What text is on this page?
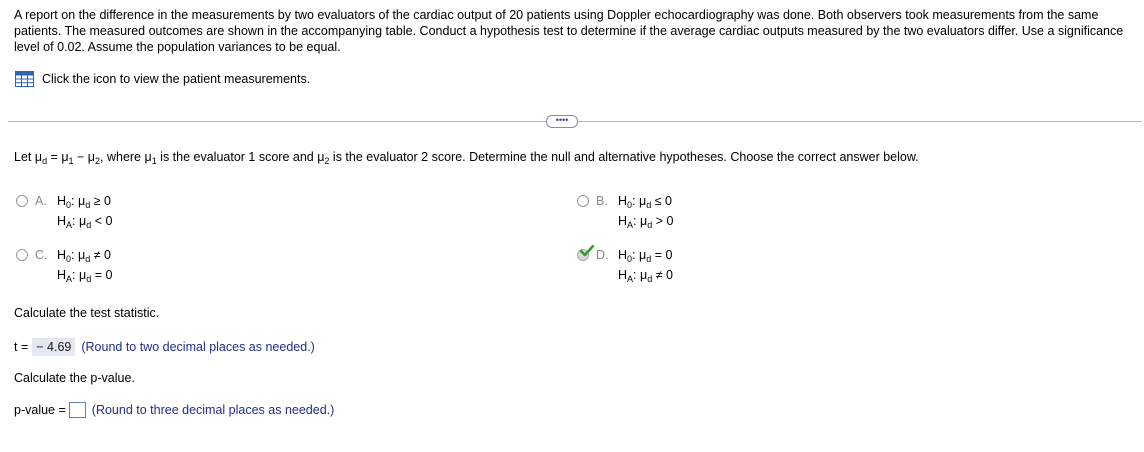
A report on the difference in the measurements by two evaluators of the cardiac output of 20 patients using Doppler echocardiography was done. Both observers took measurements from the same patients. The measured outcomes are shown in the accompanying table. Conduct a hypothesis test to determine if the average cardiac outputs measured by the two evaluators differ. Use a significance level of 0.02. Assume the population variances to be equal.
Click the icon to view the patient measurements.
••••
Let $\mu_d = \mu_1 - \mu_2$, where $\mu_1$ is the evaluator 1 score and $\mu_2$ is the evaluator 2 score. Determine the null and alternative hypotheses. Choose the correct answer below.
A. $H_0$: $\mu_d \ge 0$
$H_A$: $\mu_d < 0$
B. $H_0$: $\mu_d \le 0$
$H_A$: $\mu_d > 0$
C. $H_0$: $\mu_d \ne 0$
$H_A$: $\mu_d = 0$
D. $H_0$: $\mu_d = 0$
$H_A$: $\mu_d \ne 0$
Calculate the test statistic.
t = − 4.69 (Round to two decimal places as needed.)
Calculate the p-value.
p-value = (Round to three decimal places as needed.)
